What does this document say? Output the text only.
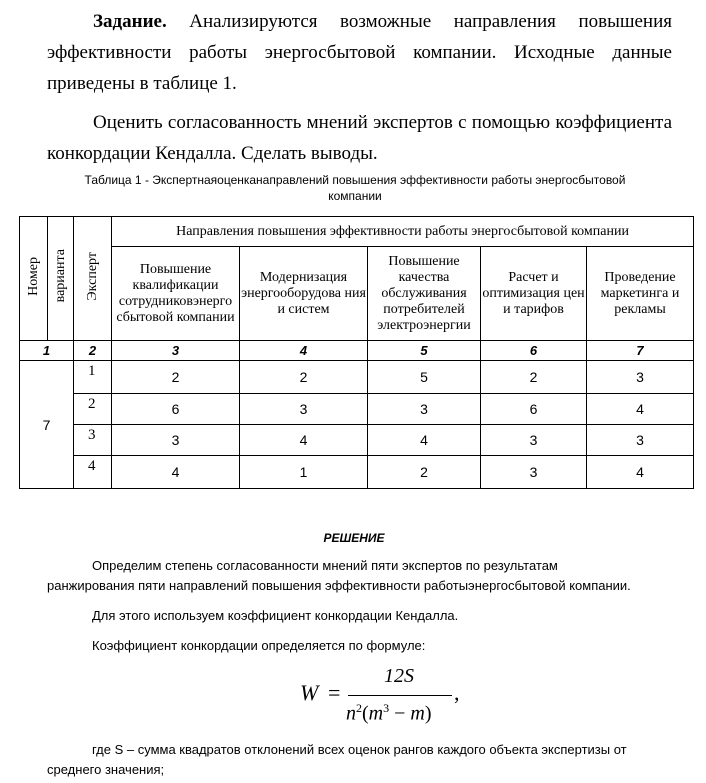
Задание. Анализируются возможные направления повышения эффективности работы энергосбытовой компании. Исходные данные приведены в таблице 1.

Оценить согласованность мнений экспертов с помощью коэффициента конкордации Кендалла. Сделать выводы.

Таблица 1 - Экспертнаяоценканаправлений повышения эффективности работы энергосбытовой
компании
Номер	варианта	Эксперт	Направления повышения эффективности работы энергосбытовой компании				
			Повышение квалификации сотрудниковэнерго сбытовой компании	Модернизация энергооборудова ния и систем	Повышение качества обслуживания потребителей электроэнергии	Расчет и оптимизация цен и тарифов	Проведение маркетинга и рекламы
1		2	3	4	5	6	7
7		1	2	2	5	2	3
		2	6	3	3	6	4
		3	3	4	4	3	3
		4	4	1	2	3	4
РЕШЕНИЕ
Определим степень согласованности мнений пяти экспертов по результатам
ранжирования пяти направлений повышения эффективности работыэнергосбытовой компании.
Для этого используем коэффициент конкордации Кендалла.
Коэффициент конкордации определяется по формуле:
W =
12S
$n^2(m^3 - m)$
,
где S – сумма квадратов отклонений всех оценок рангов каждого объекта экспертизы от
среднего значения;
